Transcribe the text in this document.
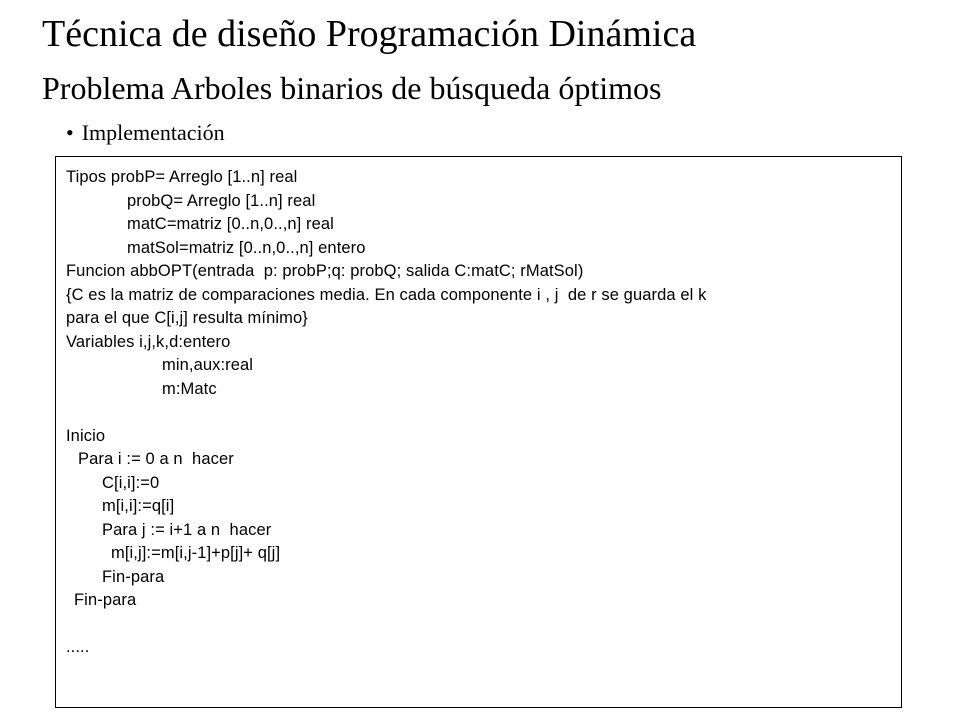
Técnica de diseño Programación Dinámica
Problema Arboles binarios de búsqueda óptimos
• Implementación
Tipos probP= Arreglo [1..n] real
probQ= Arreglo [1..n] real
matC=matriz [0..n,0..,n] real
matSol=matriz [0..n,0..,n] entero
Funcion abbOPT(entrada  p: probP;q: probQ; salida C:matC; rMatSol)
{C es la matriz de comparaciones media. En cada componente i , j  de r se guarda el k
para el que C[i,j] resulta mínimo}
Variables i,j,k,d:entero
min,aux:real
m:Matc
Inicio
Para i := 0 a n  hacer
C[i,i]:=0
m[i,i]:=q[i]
Para j := i+1 a n  hacer
m[i,j]:=m[i,j-1]+p[j]+ q[j]
Fin-para
Fin-para
.....
